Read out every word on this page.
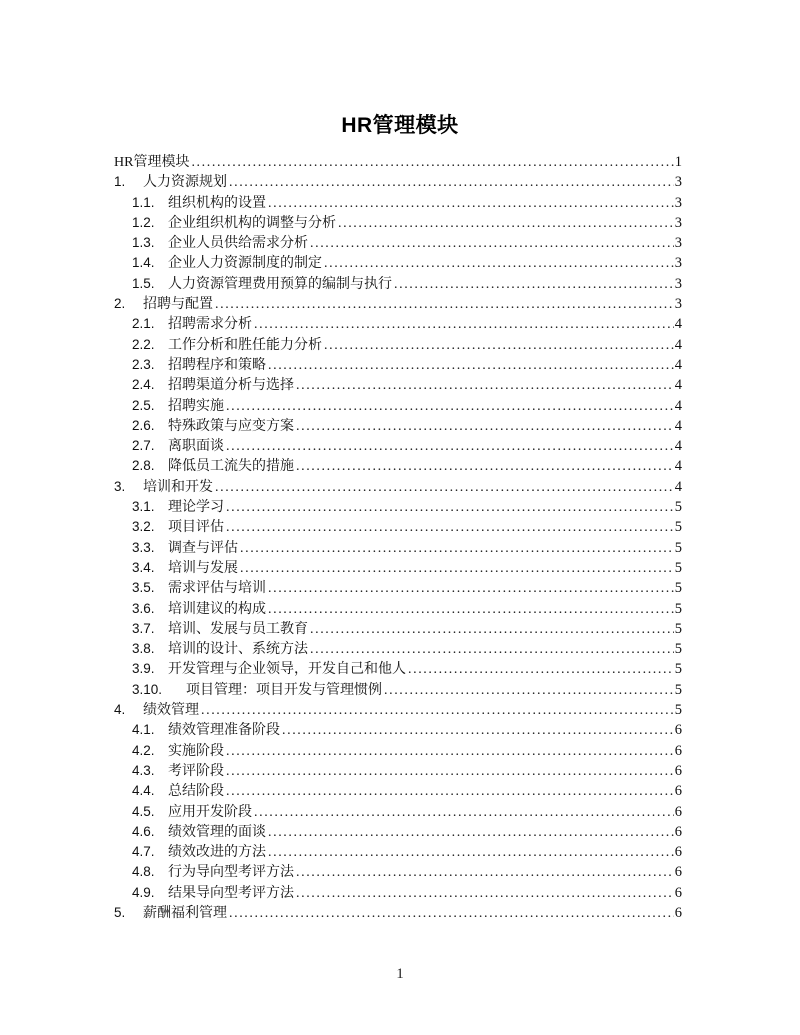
HR管理模块
HR管理模块 .....	1
1.	人力资源规划 .....	3
1.1. 组织机构的设置 .....	3
1.2. 企业组织机构的调整与分析 .....	3
1.3. 企业人员供给需求分析 .....	3
1.4. 企业人力资源制度的制定 .....	3
1.5. 人力资源管理费用预算的编制与执行 .....	3
2.	招聘与配置 .....	3
2.1. 招聘需求分析 .....	4
2.2. 工作分析和胜任能力分析 .....	4
2.3. 招聘程序和策略 .....	4
2.4. 招聘渠道分析与选择 .....	4
2.5. 招聘实施 .....	4
2.6. 特殊政策与应变方案 .....	4
2.7. 离职面谈 .....	4
2.8. 降低员工流失的措施 .....	4
3.	培训和开发 .....	4
3.1. 理论学习 .....	5
3.2. 项目评估 .....	5
3.3. 调查与评估 .....	5
3.4. 培训与发展 .....	5
3.5. 需求评估与培训 .....	5
3.6. 培训建议的构成 .....	5
3.7. 培训、发展与员工教育 .....	5
3.8. 培训的设计、系统方法 .....	5
3.9. 开发管理与企业领导，开发自己和他人 .....	5
3.10.	项目管理：项目开发与管理惯例 .....	5
4.	绩效管理 .....	5
4.1. 绩效管理准备阶段 .....	6
4.2. 实施阶段 .....	6
4.3. 考评阶段 .....	6
4.4. 总结阶段 .....	6
4.5. 应用开发阶段 .....	6
4.6. 绩效管理的面谈 .....	6
4.7. 绩效改进的方法 .....	6
4.8. 行为导向型考评方法 .....	6
4.9. 结果导向型考评方法 .....	6
5.	薪酬福利管理 .....	6
1
